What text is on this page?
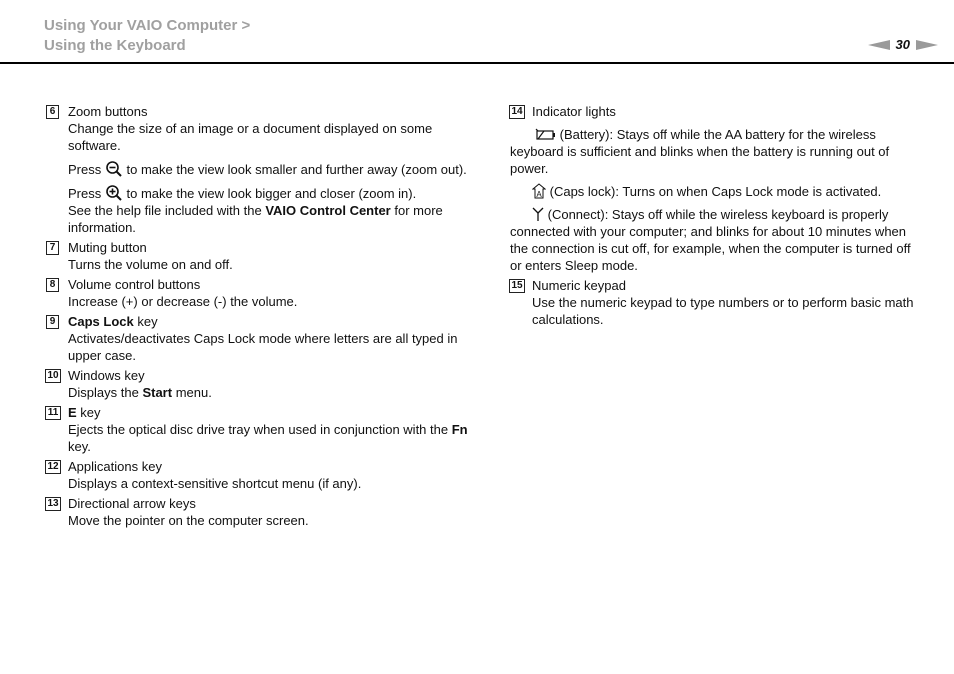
Using Your VAIO Computer >
Using the Keyboard	30
6 Zoom buttons
Change the size of an image or a document displayed on some software.
Press to make the view look smaller and further away (zoom out).
Press to make the view look bigger and closer (zoom in).
See the help file included with the VAIO Control Center for more information.
7 Muting button
Turns the volume on and off.
8 Volume control buttons
Increase (+) or decrease (-) the volume.
9 Caps Lock key
Activates/deactivates Caps Lock mode where letters are all typed in upper case.
10 Windows key
Displays the Start menu.
11 E key
Ejects the optical disc drive tray when used in conjunction with the Fn key.
12 Applications key
Displays a context-sensitive shortcut menu (if any).
13 Directional arrow keys
Move the pointer on the computer screen.
14 Indicator lights
(Battery): Stays off while the AA battery for the wireless keyboard is sufficient and blinks when the battery is running out of power.
A (Caps lock): Turns on when Caps Lock mode is activated.
(Connect): Stays off while the wireless keyboard is properly connected with your computer; and blinks for about 10 minutes when the connection is cut off, for example, when the computer is turned off or enters Sleep mode.
15 Numeric keypad
Use the numeric keypad to type numbers or to perform basic math calculations.
